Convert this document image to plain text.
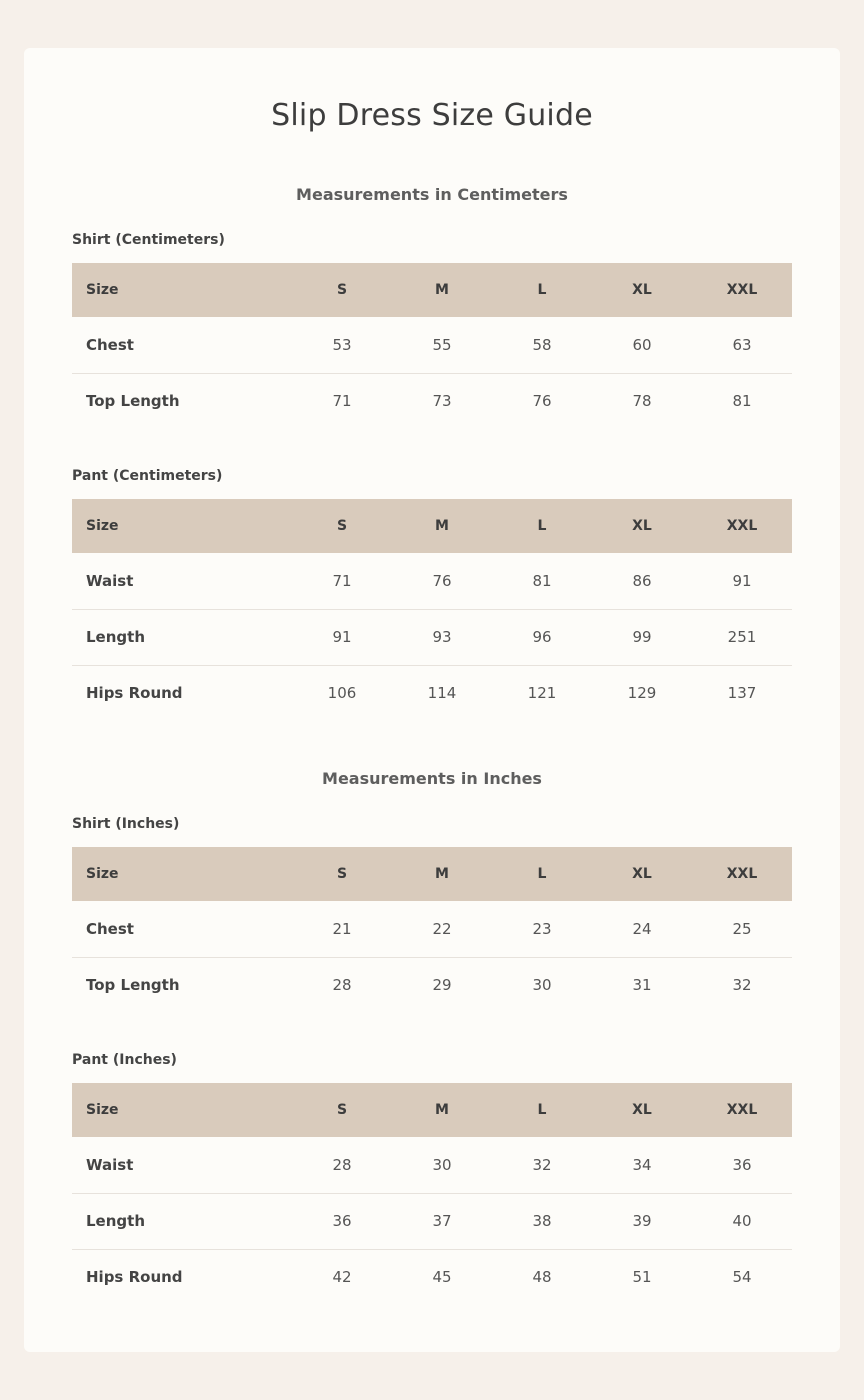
Slip Dress Size Guide
Measurements in Centimeters
Shirt (Centimeters)
Size	S	M	L	XL	XXL
Chest	53	55	58	60	63
Top Length	71	73	76	78	81
Pant (Centimeters)
Size	S	M	L	XL	XXL
Waist	71	76	81	86	91
Length	91	93	96	99	251
Hips Round	106	114	121	129	137
Measurements in Inches
Shirt (Inches)
Size	S	M	L	XL	XXL
Chest	21	22	23	24	25
Top Length	28	29	30	31	32
Pant (Inches)
Size	S	M	L	XL	XXL
Waist	28	30	32	34	36
Length	36	37	38	39	40
Hips Round	42	45	48	51	54
